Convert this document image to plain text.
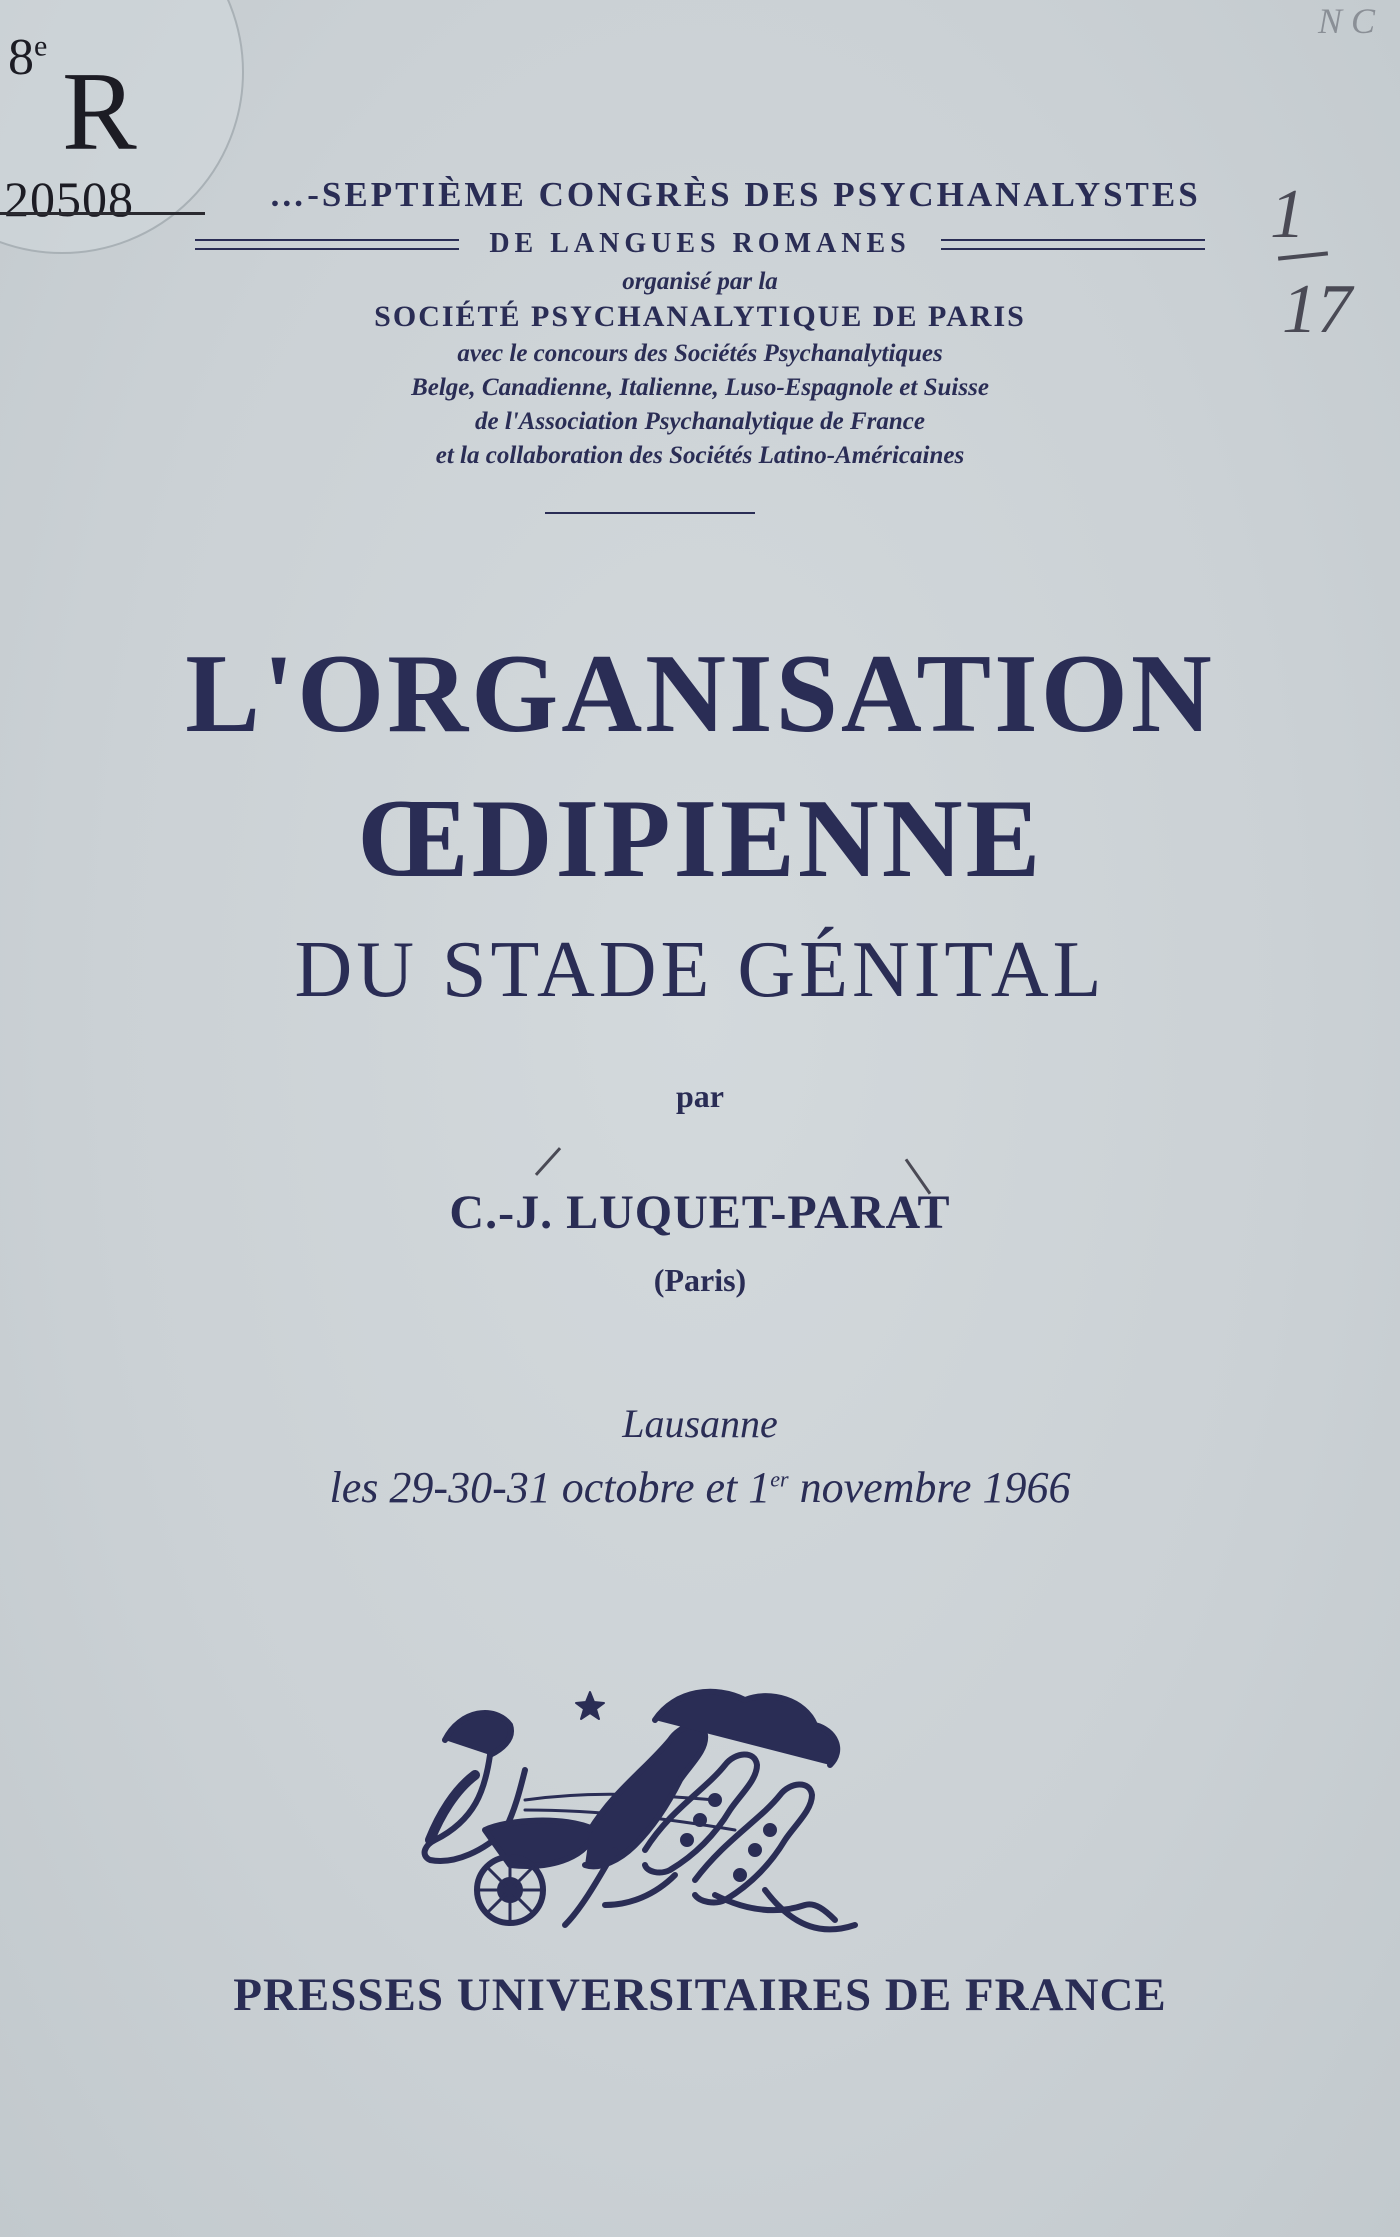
8e
R
20508
N C
1
17
…-SEPTIÈME CONGRÈS DES PSYCHANALYSTES
DE LANGUES ROMANES
organisé par la
SOCIÉTÉ PSYCHANALYTIQUE DE PARIS
avec le concours des Sociétés Psychanalytiques
Belge, Canadienne, Italienne, Luso-Espagnole et Suisse
de l'Association Psychanalytique de France
et la collaboration des Sociétés Latino-Américaines
L'ORGANISATION
ŒDIPIENNE
DU STADE GÉNITAL
par
C.-J. LUQUET-PARAT
(Paris)
Lausanne
les 29-30-31 octobre et 1er novembre 1966
PRESSES UNIVERSITAIRES DE FRANCE
